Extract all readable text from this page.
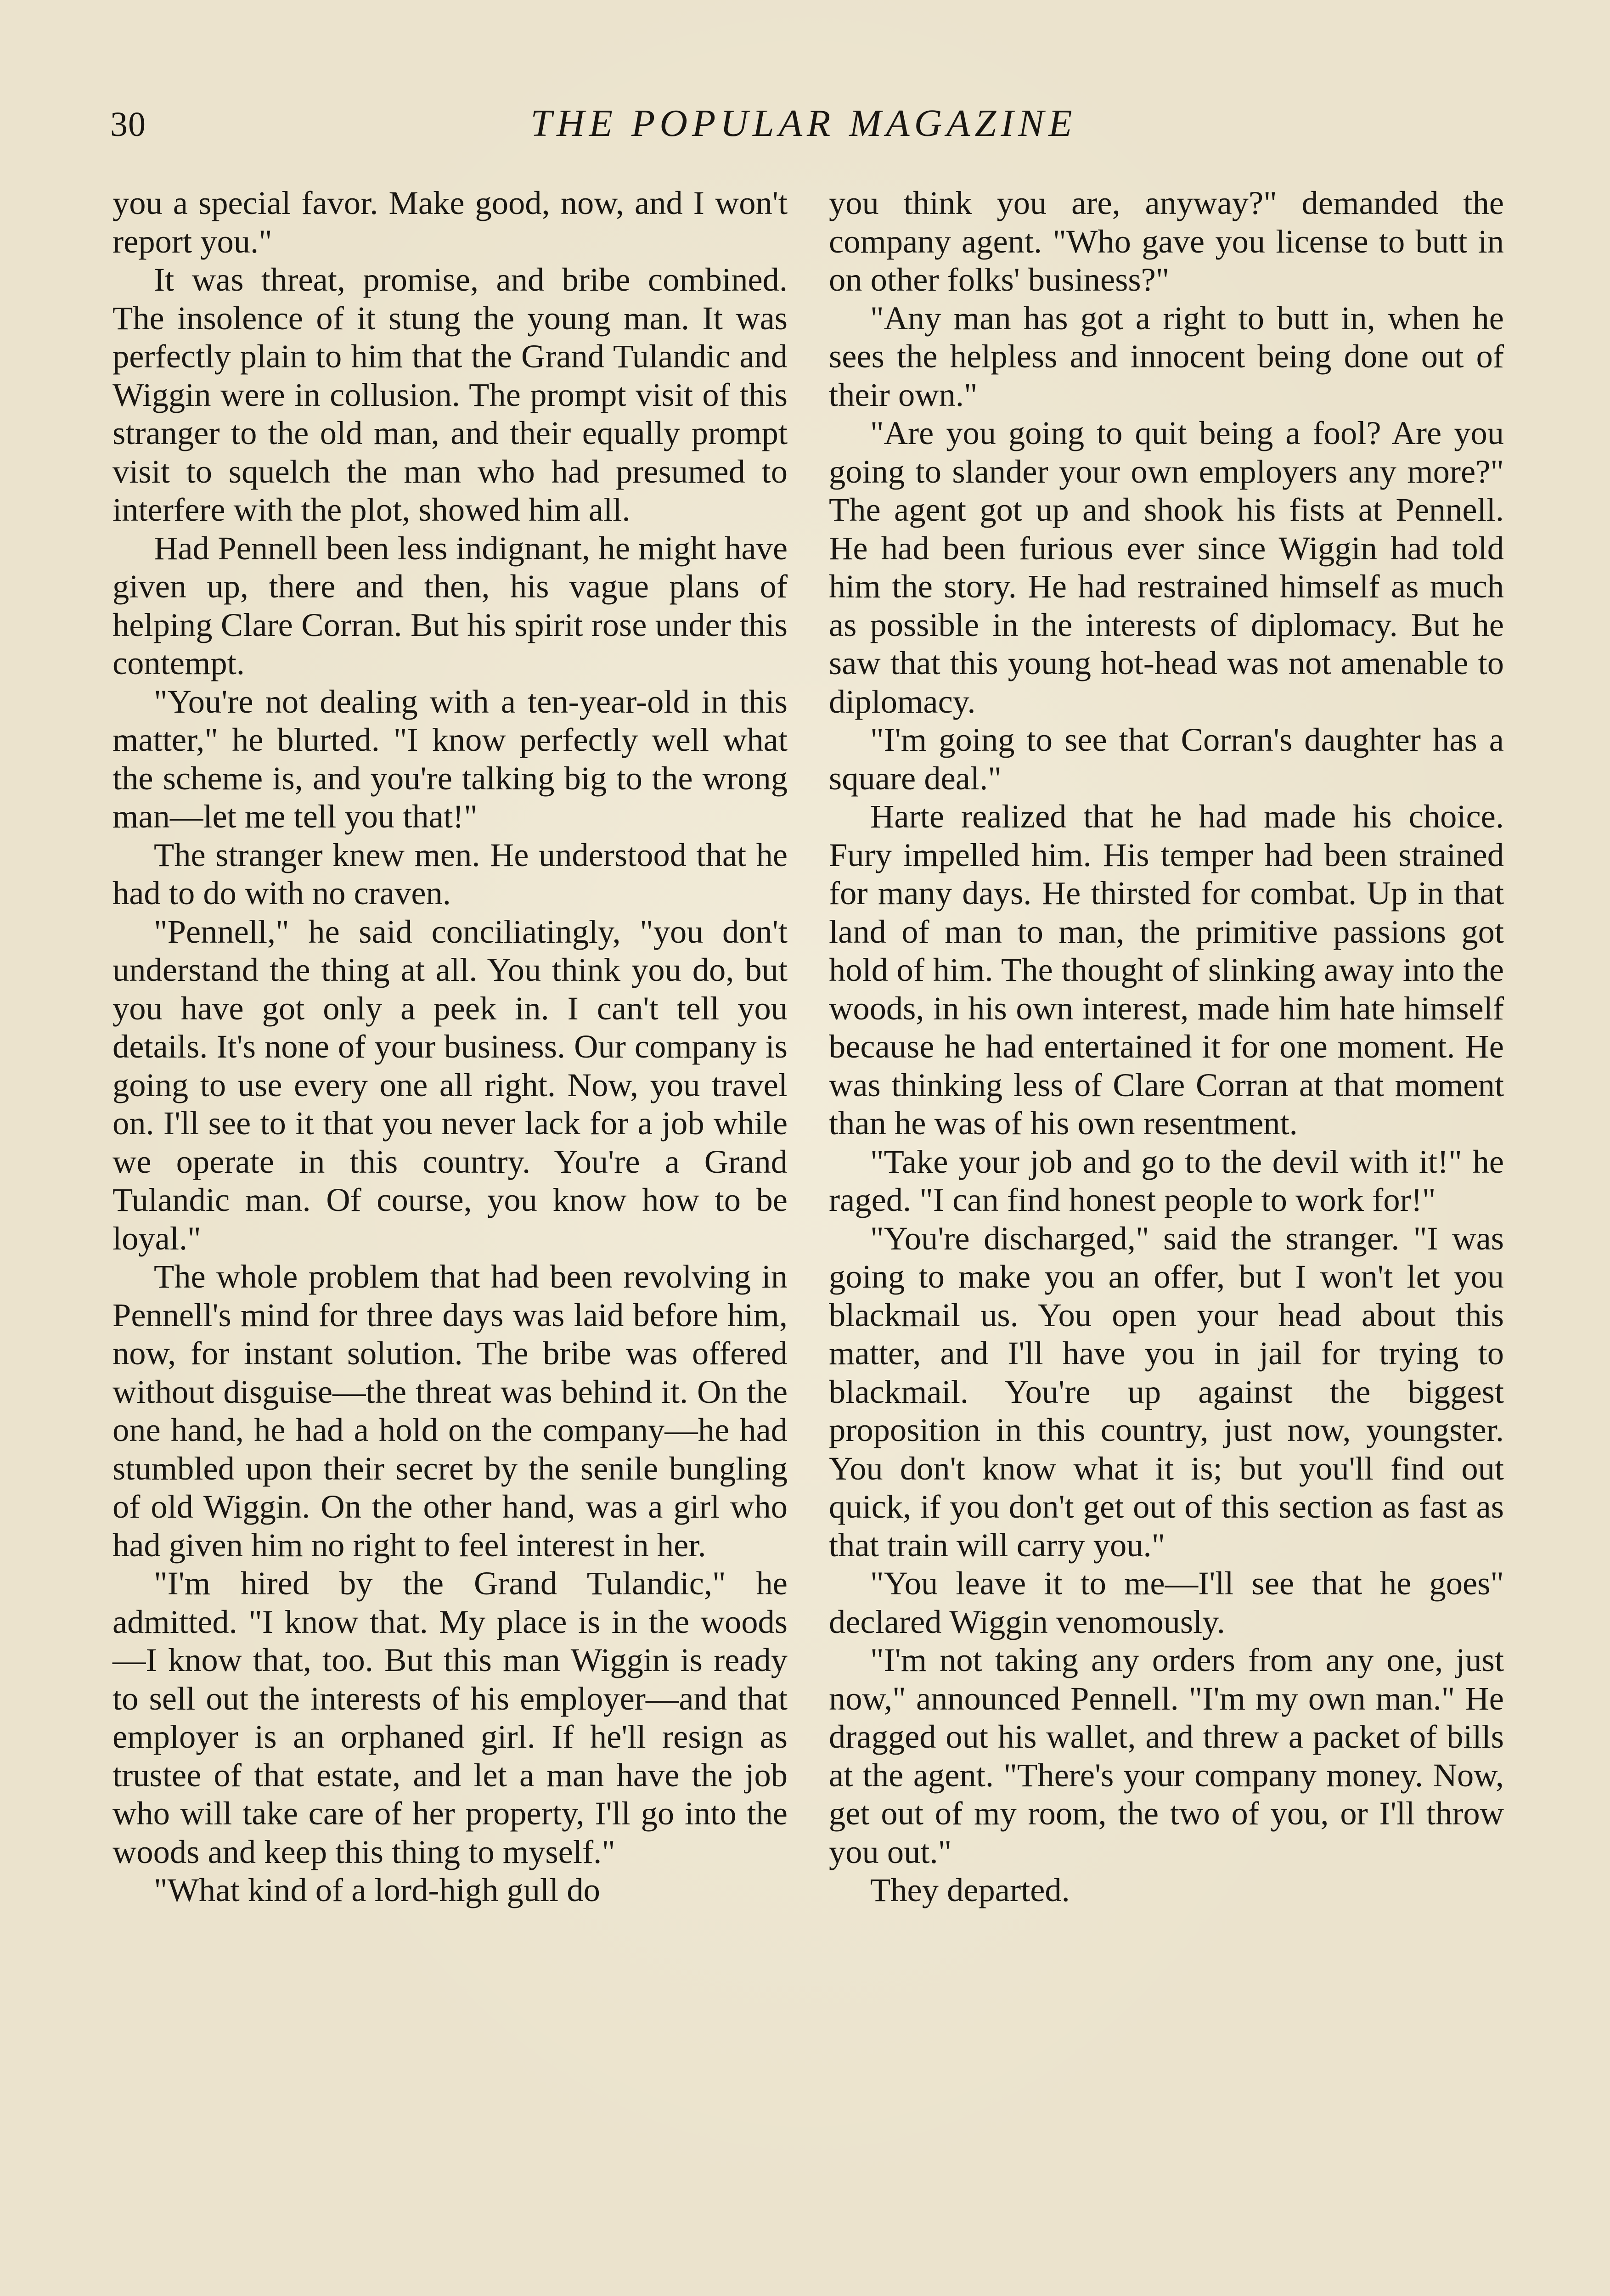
30	THE POPULAR MAGAZINE

you a special favor. Make good, now, and I won't report you."

It was threat, promise, and bribe combined. The insolence of it stung the young man. It was perfectly plain to him that the Grand Tulandic and Wiggin were in collusion. The prompt visit of this stranger to the old man, and their equally prompt visit to squelch the man who had presumed to interfere with the plot, showed him all.

Had Pennell been less indignant, he might have given up, there and then, his vague plans of helping Clare Corran. But his spirit rose under this contempt.

"You're not dealing with a ten-year-old in this matter," he blurted. "I know perfectly well what the scheme is, and you're talking big to the wrong man—let me tell you that!"

The stranger knew men. He understood that he had to do with no craven.

"Pennell," he said conciliatingly, "you don't understand the thing at all. You think you do, but you have got only a peek in. I can't tell you details. It's none of your business. Our company is going to use every one all right. Now, you travel on. I'll see to it that you never lack for a job while we operate in this country. You're a Grand Tulandic man. Of course, you know how to be loyal."

The whole problem that had been revolving in Pennell's mind for three days was laid before him, now, for instant solution. The bribe was offered without disguise—the threat was behind it. On the one hand, he had a hold on the company—he had stumbled upon their secret by the senile bungling of old Wiggin. On the other hand, was a girl who had given him no right to feel interest in her.

"I'm hired by the Grand Tulandic," he admitted. "I know that. My place is in the woods—I know that, too. But this man Wiggin is ready to sell out the interests of his employer—and that employer is an orphaned girl. If he'll resign as trustee of that estate, and let a man have the job who will take care of her property, I'll go into the woods and keep this thing to myself."

"What kind of a lord-high gull do

you think you are, anyway?" demanded the company agent. "Who gave you license to butt in on other folks' business?"

"Any man has got a right to butt in, when he sees the helpless and innocent being done out of their own."

"Are you going to quit being a fool? Are you going to slander your own employers any more?" The agent got up and shook his fists at Pennell. He had been furious ever since Wiggin had told him the story. He had restrained himself as much as possible in the interests of diplomacy. But he saw that this young hot-head was not amenable to diplomacy.

"I'm going to see that Corran's daughter has a square deal."

Harte realized that he had made his choice. Fury impelled him. His temper had been strained for many days. He thirsted for combat. Up in that land of man to man, the primitive passions got hold of him. The thought of slinking away into the woods, in his own interest, made him hate himself because he had entertained it for one moment. He was thinking less of Clare Corran at that moment than he was of his own resentment.

"Take your job and go to the devil with it!" he raged. "I can find honest people to work for!"

"You're discharged," said the stranger. "I was going to make you an offer, but I won't let you blackmail us. You open your head about this matter, and I'll have you in jail for trying to blackmail. You're up against the biggest proposition in this country, just now, youngster. You don't know what it is; but you'll find out quick, if you don't get out of this section as fast as that train will carry you."

"You leave it to me—I'll see that he goes" declared Wiggin venomously.

"I'm not taking any orders from any one, just now," announced Pennell. "I'm my own man." He dragged out his wallet, and threw a packet of bills at the agent. "There's your company money. Now, get out of my room, the two of you, or I'll throw you out."

They departed.
